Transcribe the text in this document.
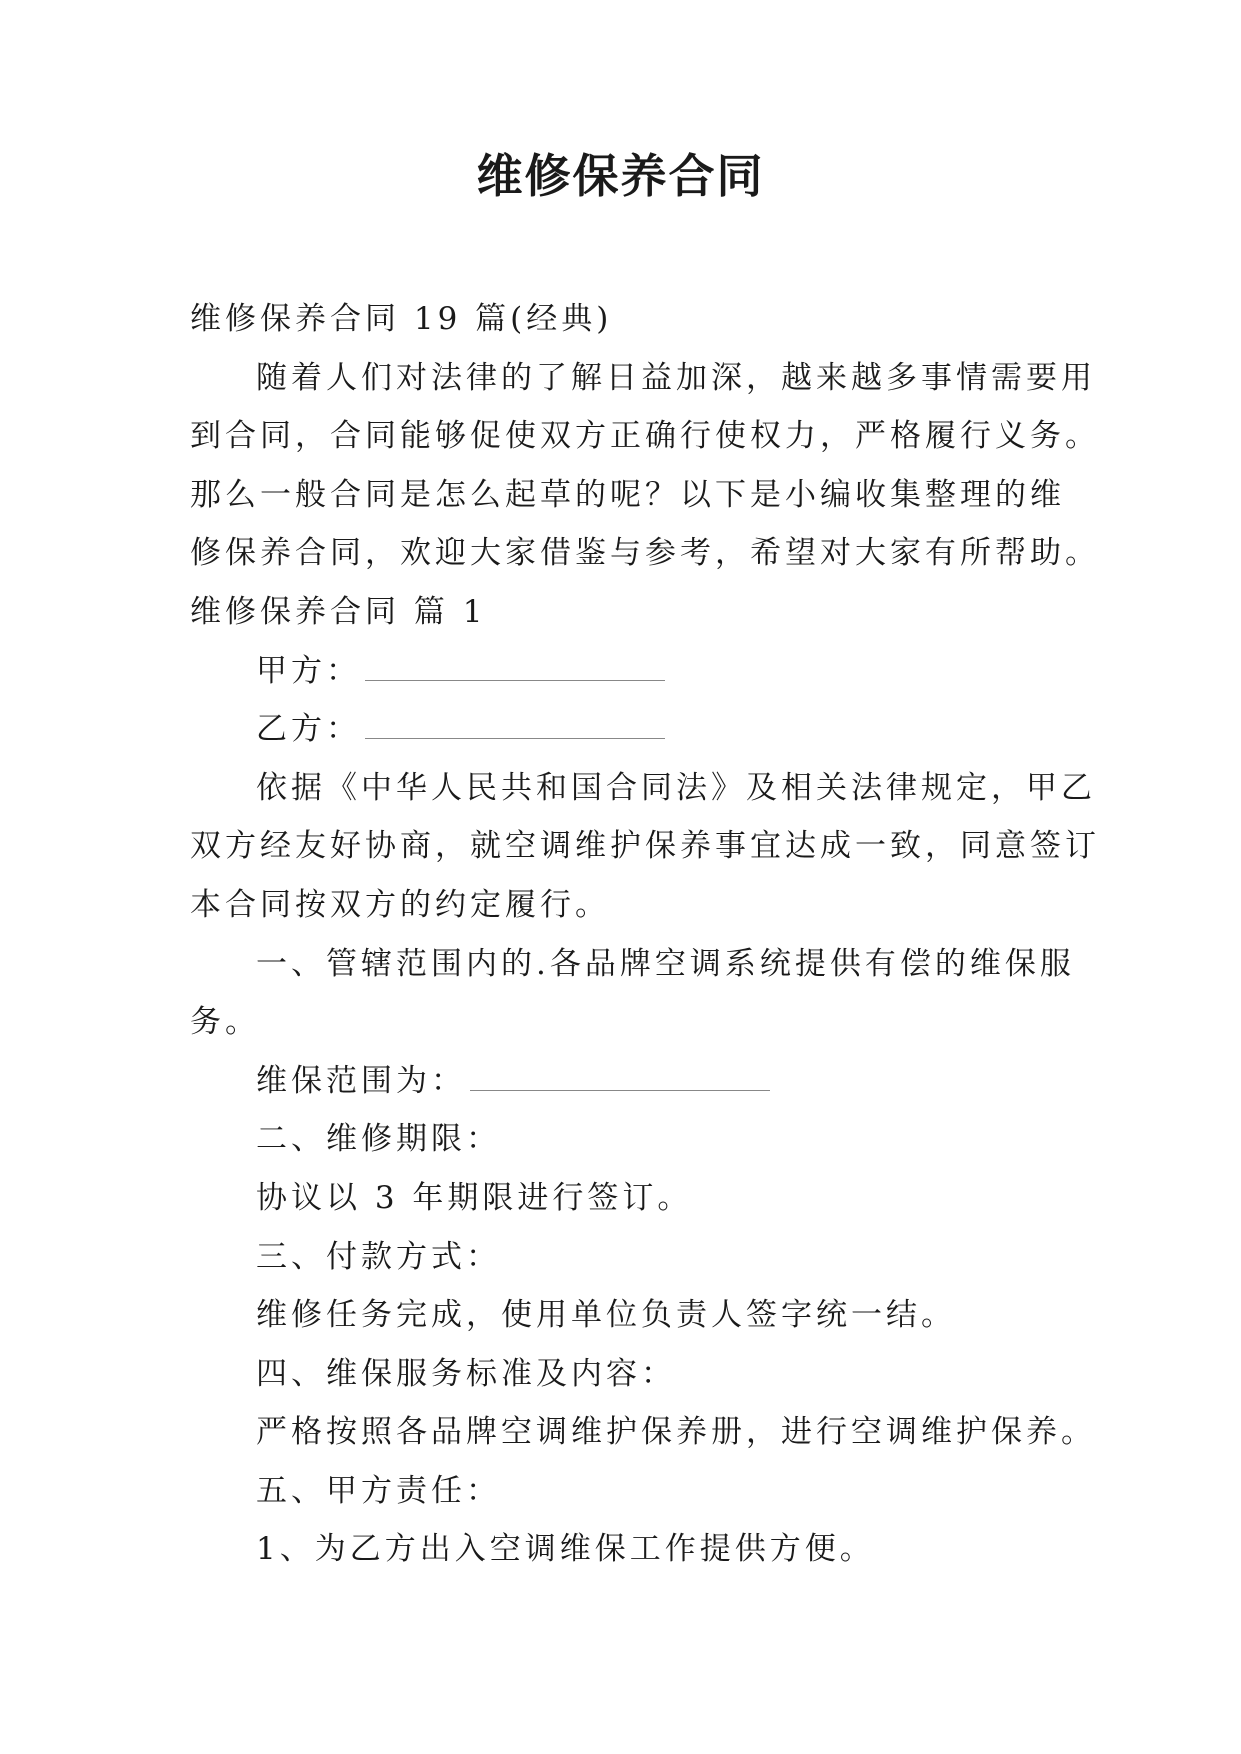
维修保养合同

维修保养合同 19 篇(经典)

随着人们对法律的了解日益加深，越来越多事情需要用

到合同，合同能够促使双方正确行使权力，严格履行义务。

那么一般合同是怎么起草的呢？以下是小编收集整理的维

修保养合同，欢迎大家借鉴与参考，希望对大家有所帮助。

维修保养合同 篇 1

甲方：

乙方：

依据《中华人民共和国合同法》及相关法律规定，甲乙

双方经友好协商，就空调维护保养事宜达成一致，同意签订

本合同按双方的约定履行。

一、管辖范围内的.各品牌空调系统提供有偿的维保服

务。

维保范围为：

二、维修期限：

协议以 3 年期限进行签订。

三、付款方式：

维修任务完成，使用单位负责人签字统一结。

四、维保服务标准及内容：

严格按照各品牌空调维护保养册，进行空调维护保养。

五、甲方责任：

1、为乙方出入空调维保工作提供方便。
